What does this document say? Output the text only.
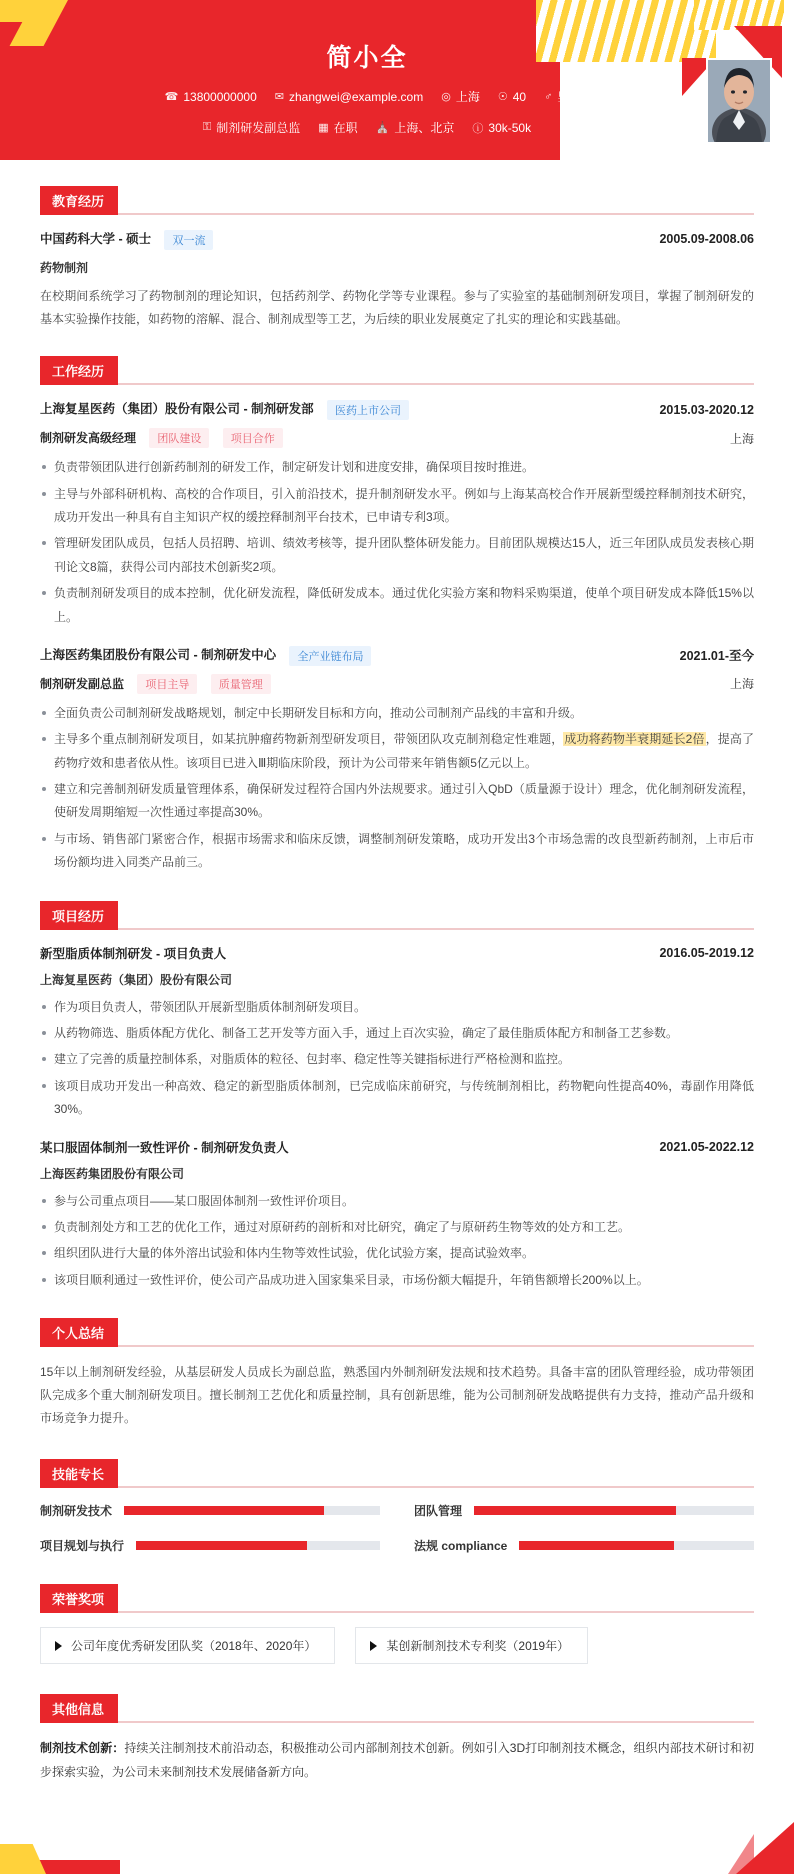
简小全
☎ 13800000000 ✉ zhangwei@example.com ◎ 上海 ☉ 40 ♂ 男
⚿ 制剂研发副总监 ▦ 在职 ⛪ 上海、北京 ⓘ 30k-50k
教育经历
中国药科大学 - 硕士 双一流	2005.09-2008.06
药物制剂
在校期间系统学习了药物制剂的理论知识，包括药剂学、药物化学等专业课程。参与了实验室的基础制剂研发项目，掌握了制剂研发的基本实验操作技能，如药物的溶解、混合、制剂成型等工艺，为后续的职业发展奠定了扎实的理论和实践基础。
工作经历
上海复星医药（集团）股份有限公司 - 制剂研发部 医药上市公司	2015.03-2020.12
制剂研发高级经理 团队建设	项目合作	上海
负责带领团队进行创新药制剂的研发工作，制定研发计划和进度安排，确保项目按时推进。
主导与外部科研机构、高校的合作项目，引入前沿技术，提升制剂研发水平。例如与上海某高校合作开展新型缓控释制剂技术研究，成功开发出一种具有自主知识产权的缓控释制剂平台技术，已申请专利3项。
管理研发团队成员，包括人员招聘、培训、绩效考核等，提升团队整体研发能力。目前团队规模达15人，近三年团队成员发表核心期刊论文8篇，获得公司内部技术创新奖2项。
负责制剂研发项目的成本控制，优化研发流程，降低研发成本。通过优化实验方案和物料采购渠道，使单个项目研发成本降低15%以上。
上海医药集团股份有限公司 - 制剂研发中心 全产业链布局	2021.01-至今
制剂研发副总监 项目主导	质量管理	上海
全面负责公司制剂研发战略规划，制定中长期研发目标和方向，推动公司制剂产品线的丰富和升级。
主导多个重点制剂研发项目，如某抗肿瘤药物新剂型研发项目，带领团队攻克制剂稳定性难题，成功将药物半衰期延长2倍，提高了药物疗效和患者依从性。该项目已进入Ⅲ期临床阶段，预计为公司带来年销售额5亿元以上。
建立和完善制剂研发质量管理体系，确保研发过程符合国内外法规要求。通过引入QbD（质量源于设计）理念，优化制剂研发流程，使研发周期缩短一次性通过率提高30%。
与市场、销售部门紧密合作，根据市场需求和临床反馈，调整制剂研发策略，成功开发出3个市场急需的改良型新药制剂，上市后市场份额均进入同类产品前三。
项目经历
新型脂质体制剂研发 - 项目负责人	2016.05-2019.12
上海复星医药（集团）股份有限公司
作为项目负责人，带领团队开展新型脂质体制剂研发项目。
从药物筛选、脂质体配方优化、制备工艺开发等方面入手，通过上百次实验，确定了最佳脂质体配方和制备工艺参数。
建立了完善的质量控制体系，对脂质体的粒径、包封率、稳定性等关键指标进行严格检测和监控。
该项目成功开发出一种高效、稳定的新型脂质体制剂，已完成临床前研究，与传统制剂相比，药物靶向性提高40%，毒副作用降低30%。
某口服固体制剂一致性评价 - 制剂研发负责人	2021.05-2022.12
上海医药集团股份有限公司
参与公司重点项目——某口服固体制剂一致性评价项目。
负责制剂处方和工艺的优化工作，通过对原研药的剖析和对比研究，确定了与原研药生物等效的处方和工艺。
组织团队进行大量的体外溶出试验和体内生物等效性试验，优化试验方案，提高试验效率。
该项目顺利通过一致性评价，使公司产品成功进入国家集采目录，市场份额大幅提升，年销售额增长200%以上。
个人总结
15年以上制剂研发经验，从基层研发人员成长为副总监，熟悉国内外制剂研发法规和技术趋势。具备丰富的团队管理经验，成功带领团队完成多个重大制剂研发项目。擅长制剂工艺优化和质量控制，具有创新思维，能为公司制剂研发战略提供有力支持，推动产品升级和市场竞争力提升。
技能专长
制剂研发技术	团队管理
项目规划与执行	法规 compliance
荣誉奖项
公司年度优秀研发团队奖（2018年、2020年）	某创新制剂技术专利奖（2019年）
其他信息
制剂技术创新：持续关注制剂技术前沿动态，积极推动公司内部制剂技术创新。例如引入3D打印制剂技术概念，组织内部技术研讨和初步探索实验，为公司未来制剂技术发展储备新方向。
